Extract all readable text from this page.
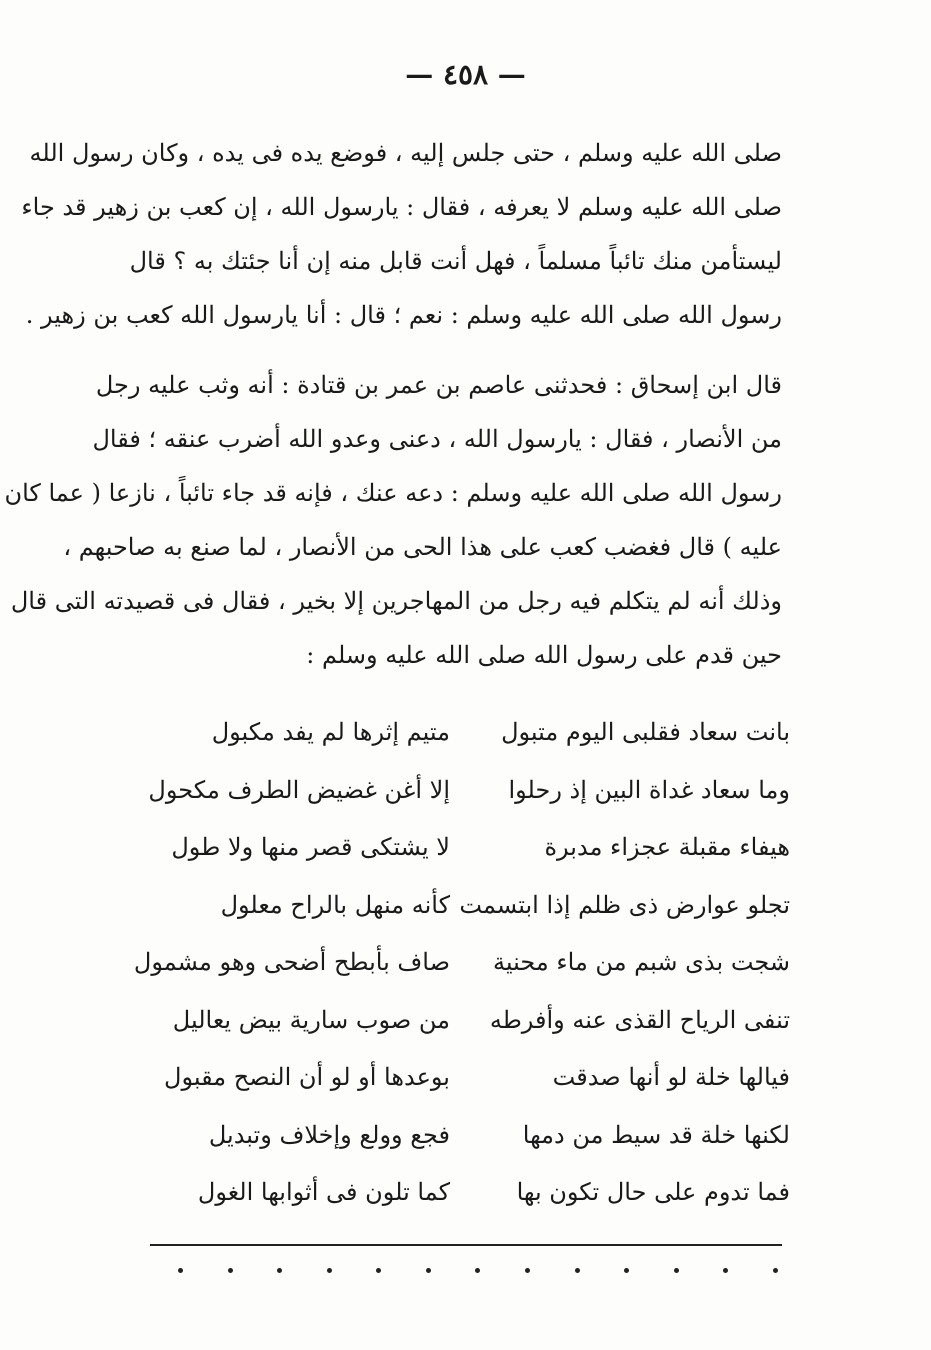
— ٤٥٨ —
صلى الله عليه وسلم ، حتى جلس إليه ، فوضع يده فى يده ، وكان رسول الله
صلى الله عليه وسلم لا يعرفه ، فقال : يارسول الله ، إن كعب بن زهير قد جاء
ليستأمن منك تائباً مسلماً ، فهل أنت قابل منه إن أنا جئتك به ؟ قال
رسول الله صلى الله عليه وسلم : نعم ؛ قال : أنا يارسول الله كعب بن زهير .
قال ابن إسحاق : فحدثنى عاصم بن عمر بن قتادة : أنه وثب عليه رجل
من الأنصار ، فقال : يارسول الله ، دعنى وعدو الله أضرب عنقه ؛ فقال
رسول الله صلى الله عليه وسلم : دعه عنك ، فإنه قد جاء تائباً ، نازعا ( عما كان
عليه ) قال فغضب كعب على هذا الحى من الأنصار ، لما صنع به صاحبهم ،
وذلك أنه لم يتكلم فيه رجل من المهاجرين إلا بخير ، فقال فى قصيدته التى قال
حين قدم على رسول الله صلى الله عليه وسلم :
بانت سعاد فقلبى اليوم متبول
متيم إثرها لم يفد مكبول
وما سعاد غداة البين إذ رحلوا
إلا أغن غضيض الطرف مكحول
هيفاء مقبلة عجزاء مدبرة
لا يشتكى قصر منها ولا طول
تجلو عوارض ذى ظلم إذا ابتسمت
كأنه منهل بالراح معلول
شجت بذى شبم من ماء محنية
صاف بأبطح أضحى وهو مشمول
تنفى الرياح القذى عنه وأفرطه
من صوب سارية بيض يعاليل
فيالها خلة لو أنها صدقت
بوعدها أو لو أن النصح مقبول
لكنها خلة قد سيط من دمها
فجع وولع وإخلاف وتبديل
فما تدوم على حال تكون بها
كما تلون فى أثوابها الغول
